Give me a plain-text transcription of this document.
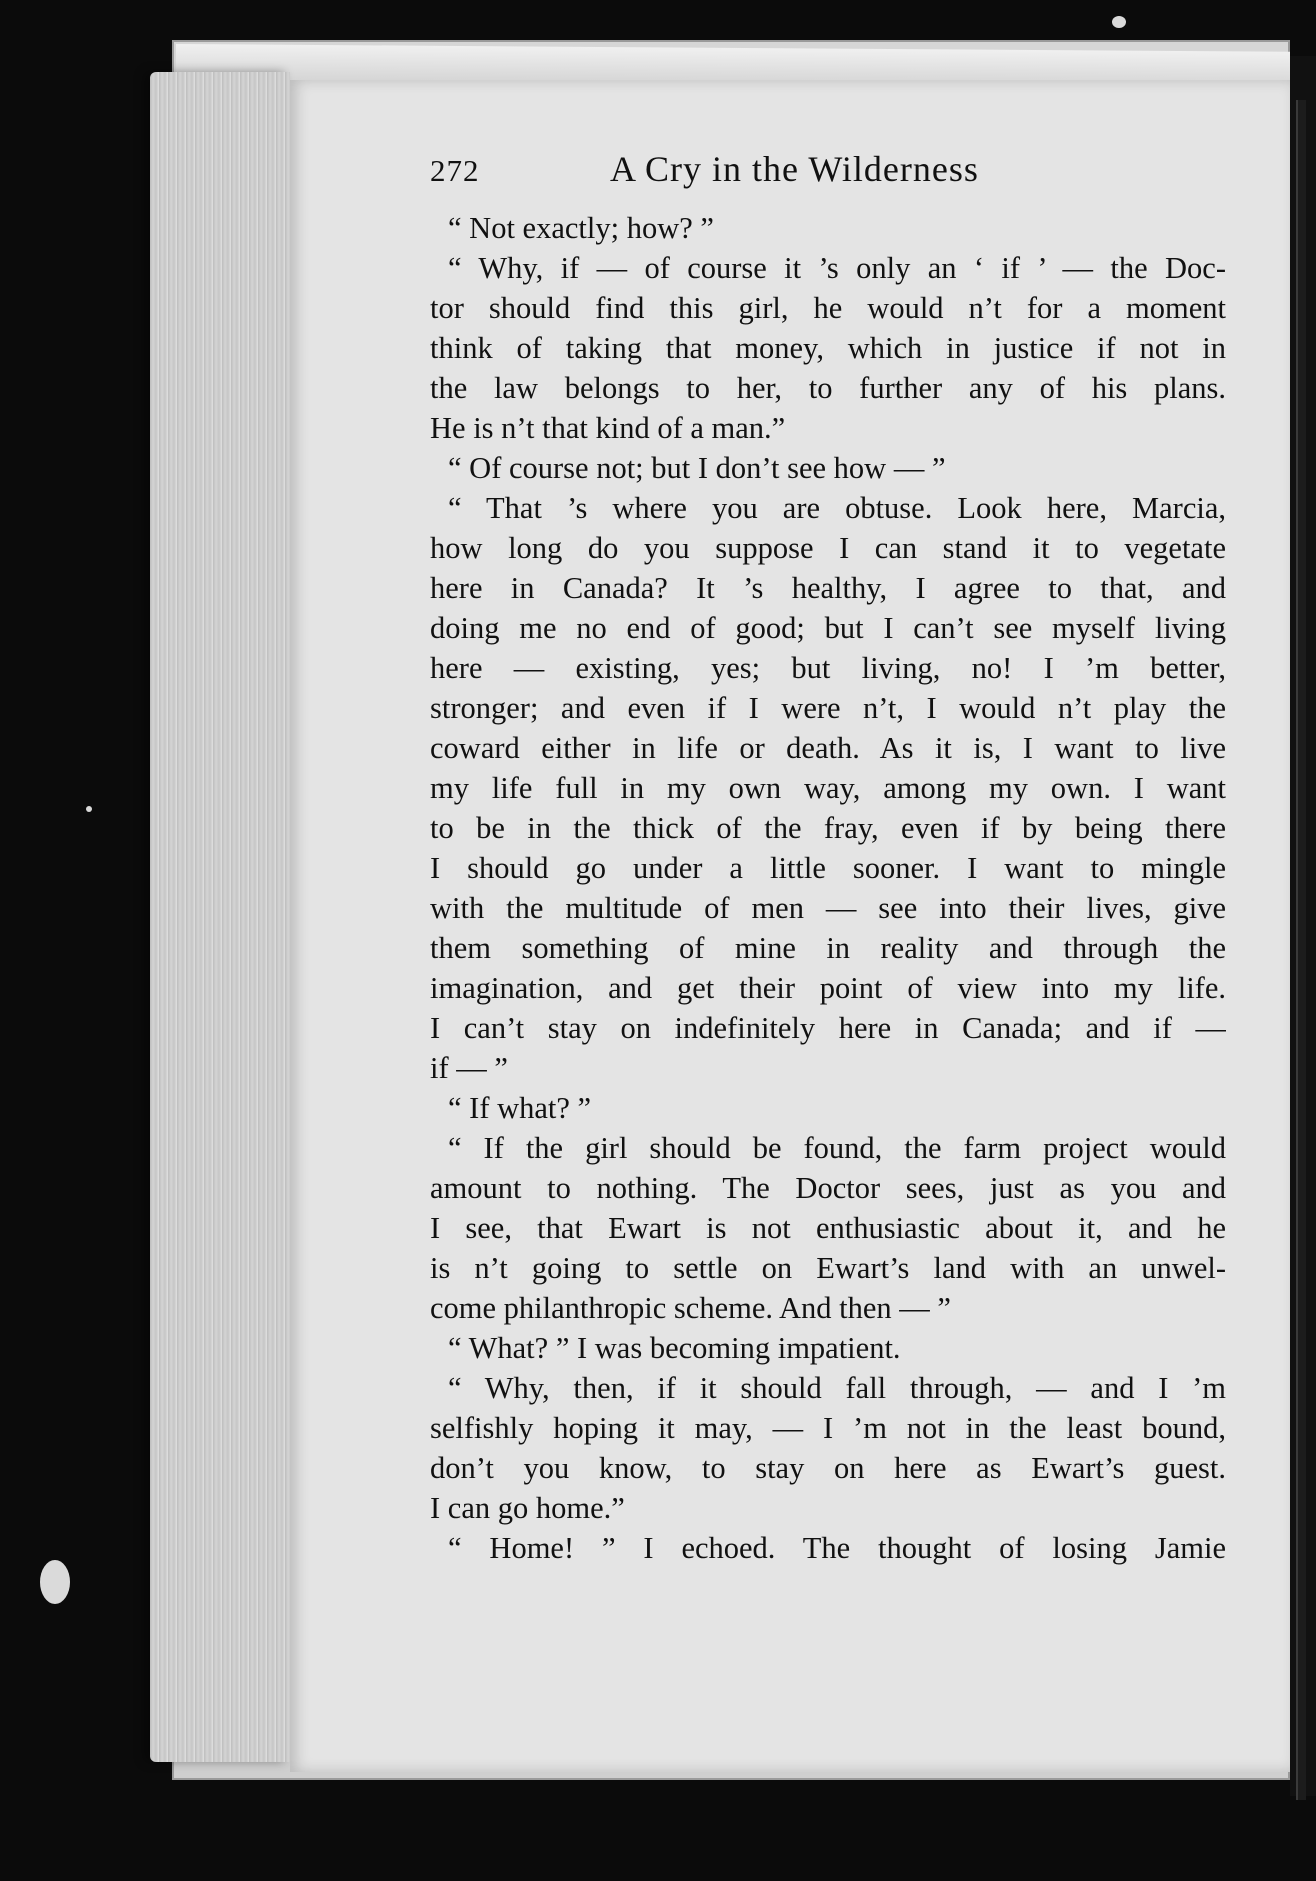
272	A Cry in the Wilderness
“ Not exactly; how? ”
“ Why, if — of course it ’s only an ‘ if ’ — the Doc-
tor should find this girl, he would n’t for a moment
think of taking that money, which in justice if not in
the law belongs to her, to further any of his plans.
He is n’t that kind of a man.”
“ Of course not; but I don’t see how — ”
“ That ’s where you are obtuse. Look here, Marcia,
how long do you suppose I can stand it to vegetate
here in Canada? It ’s healthy, I agree to that, and
doing me no end of good; but I can’t see myself living
here — existing, yes; but living, no! I ’m better,
stronger; and even if I were n’t, I would n’t play the
coward either in life or death. As it is, I want to live
my life full in my own way, among my own. I want
to be in the thick of the fray, even if by being there
I should go under a little sooner. I want to mingle
with the multitude of men — see into their lives, give
them something of mine in reality and through the
imagination, and get their point of view into my life.
I can’t stay on indefinitely here in Canada; and if —
if — ”
“ If what? ”
“ If the girl should be found, the farm project would
amount to nothing. The Doctor sees, just as you and
I see, that Ewart is not enthusiastic about it, and he
is n’t going to settle on Ewart’s land with an unwel-
come philanthropic scheme. And then — ”
“ What? ” I was becoming impatient.
“ Why, then, if it should fall through, — and I ’m
selfishly hoping it may, — I ’m not in the least bound,
don’t you know, to stay on here as Ewart’s guest.
I can go home.”
“ Home! ” I echoed. The thought of losing Jamie
